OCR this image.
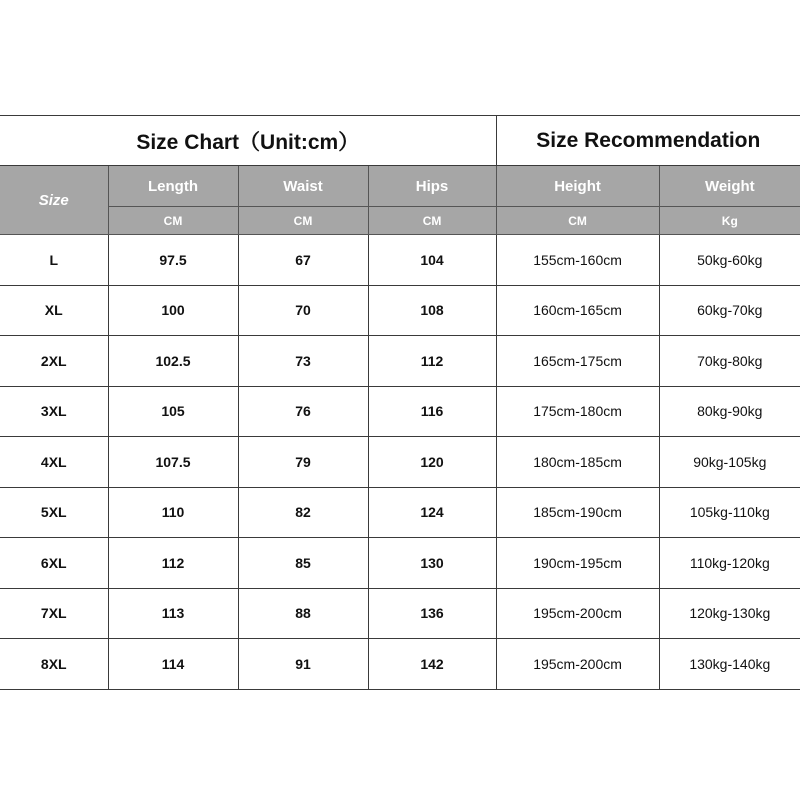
Size Chart（Unit:cm）				Size Recommendation	
Size	Length	Waist	Hips	Height	Weight
	CM	CM	CM	CM	Kg
L	97.5	67	104	155cm-160cm	50kg-60kg
XL	100	70	108	160cm-165cm	60kg-70kg
2XL	102.5	73	112	165cm-175cm	70kg-80kg
3XL	105	76	116	175cm-180cm	80kg-90kg
4XL	107.5	79	120	180cm-185cm	90kg-105kg
5XL	110	82	124	185cm-190cm	105kg-110kg
6XL	112	85	130	190cm-195cm	110kg-120kg
7XL	113	88	136	195cm-200cm	120kg-130kg
8XL	114	91	142	195cm-200cm	130kg-140kg
